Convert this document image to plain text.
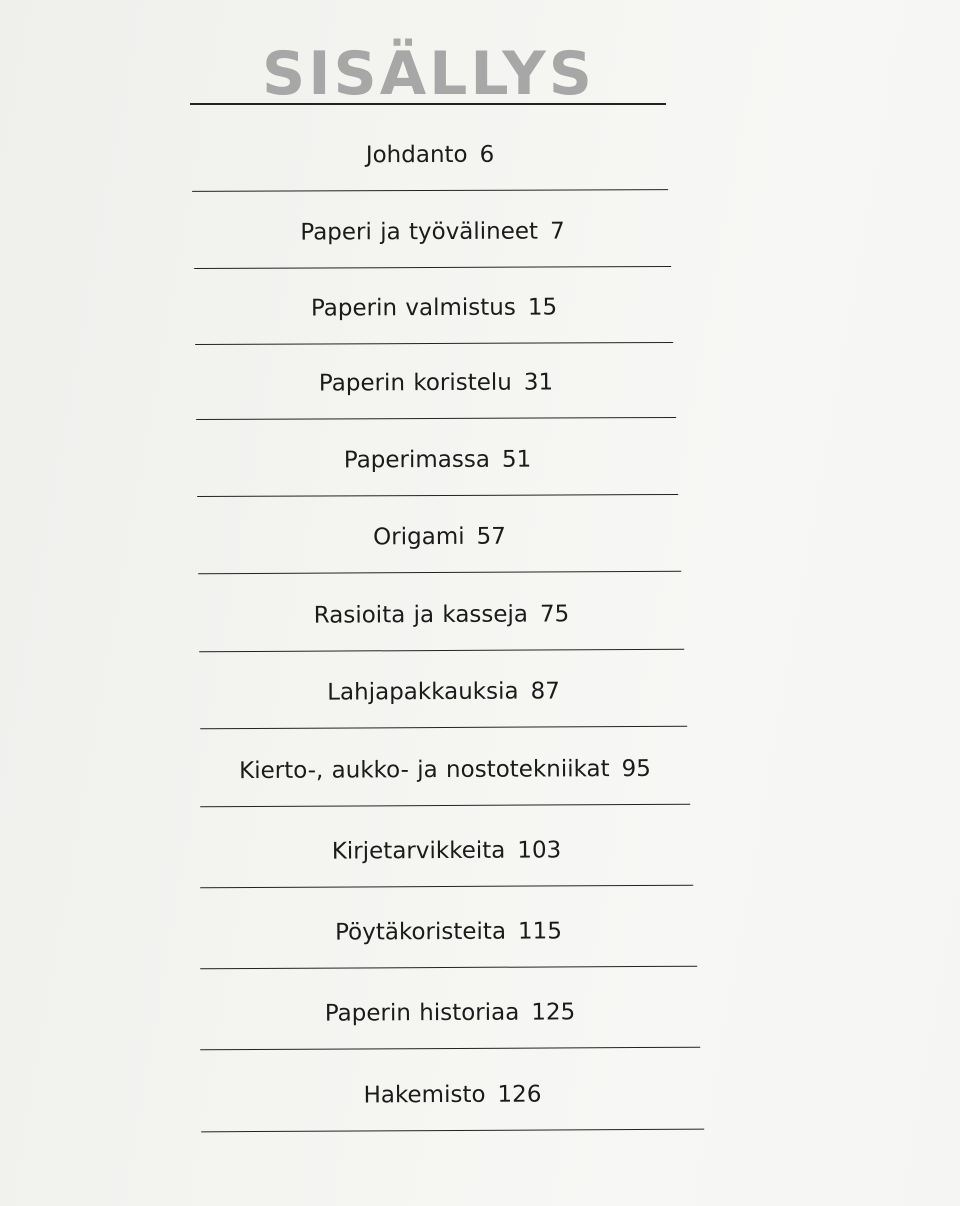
SISÄLLYS
Johdanto 6
Paperi ja työvälineet 7
Paperin valmistus 15
Paperin koristelu 31
Paperimassa 51
Origami 57
Rasioita ja kasseja 75
Lahjapakkauksia 87
Kierto-, aukko- ja nostotekniikat 95
Kirjetarvikkeita 103
Pöytäkoristeita 115
Paperin historiaa 125
Hakemisto 126
